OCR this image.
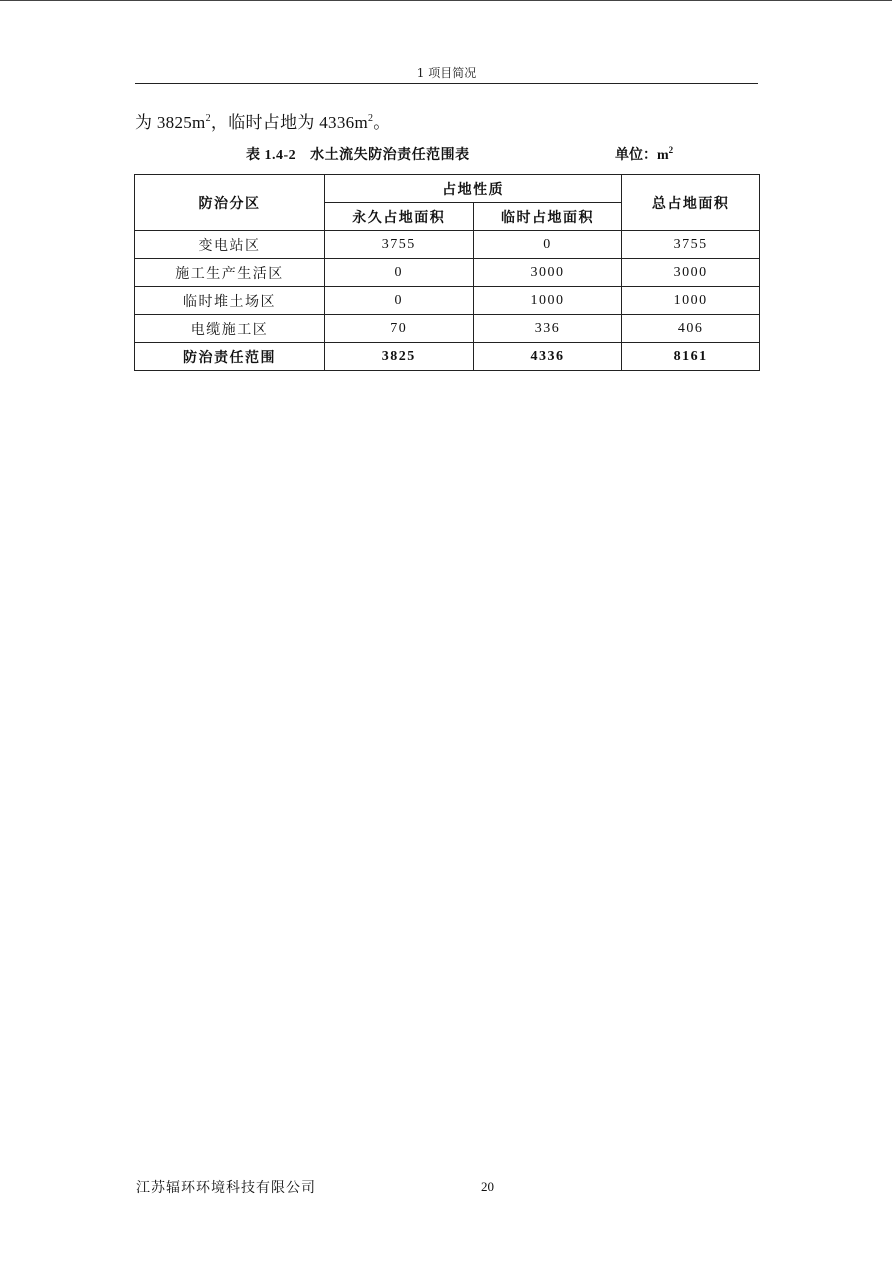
1 项目简况
为 $3825m^2$，临时占地为 $4336m^2$。
表 1.4-2 水土流失防治责任范围表	单位：$m^2$
防治分区	占地性质		总占地面积
	永久占地面积	临时占地面积	
变电站区	3755	0	3755
施工生产生活区	0	3000	3000
临时堆土场区	0	1000	1000
电缆施工区	70	336	406
防治责任范围	3825	4336	8161
江苏辐环环境科技有限公司	20
